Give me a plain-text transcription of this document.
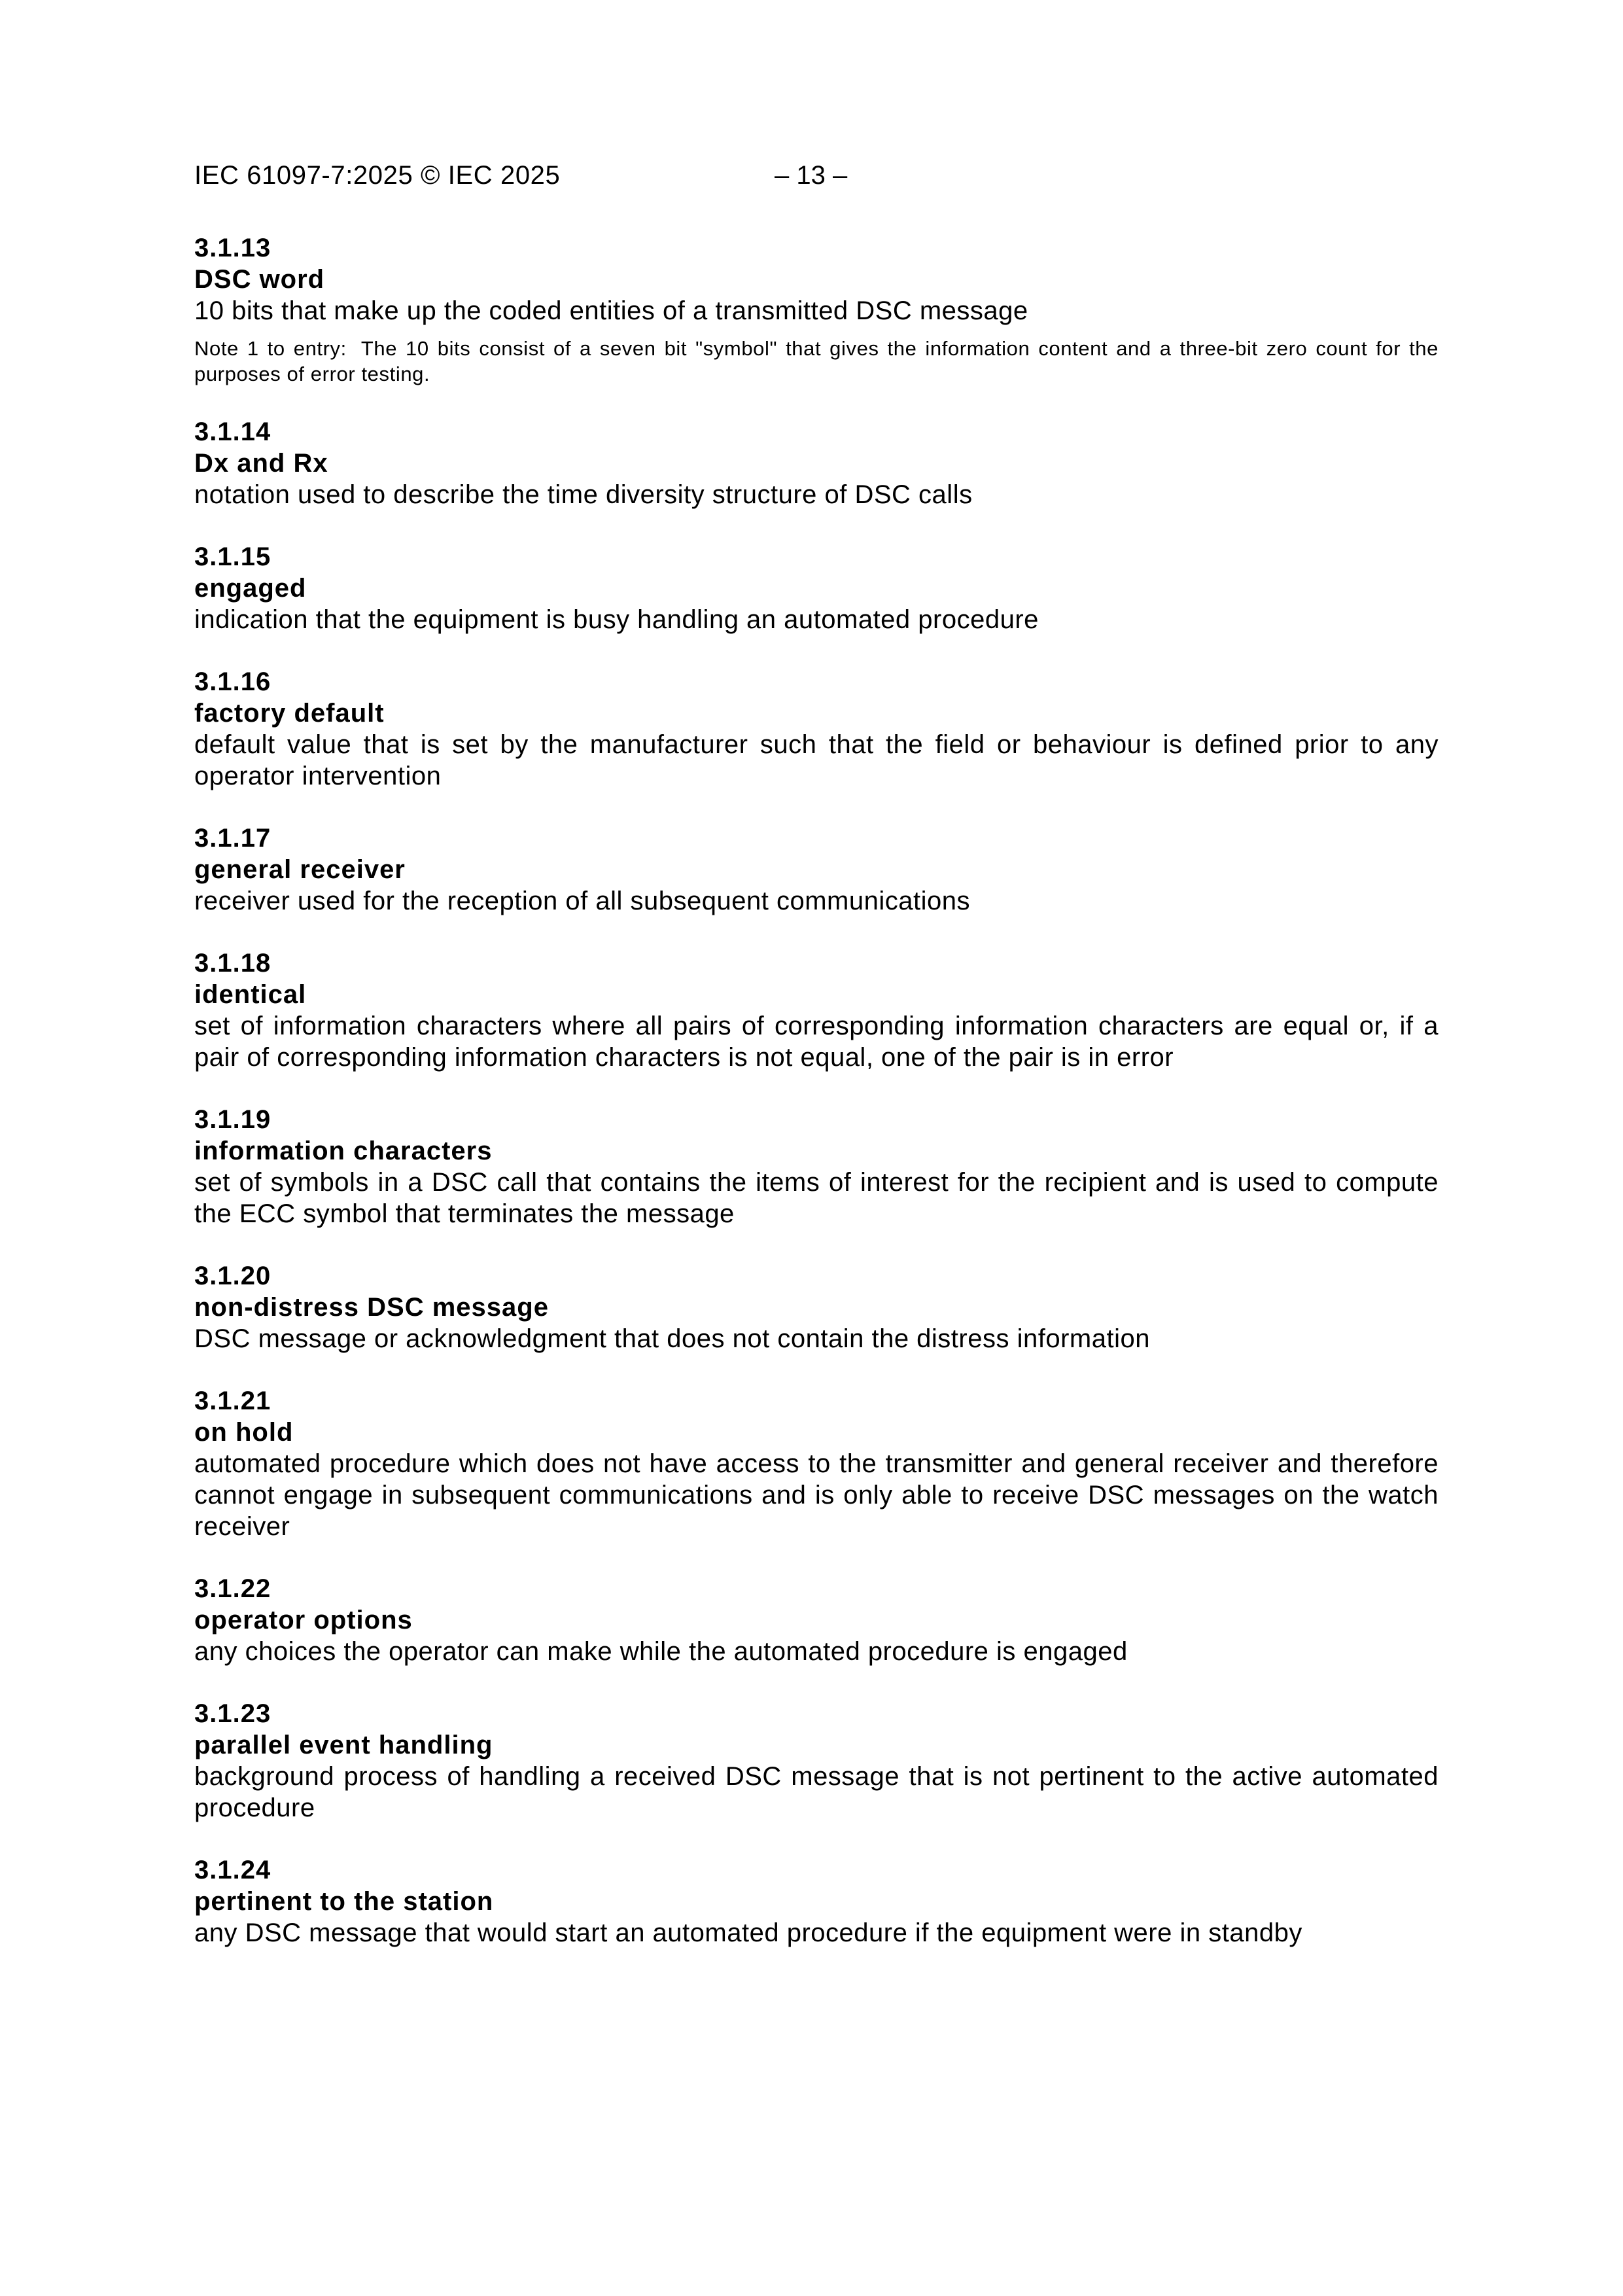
IEC 61097-7:2025 © IEC 2025	– 13 –
3.1.13
DSC word

10 bits that make up the coded entities of a transmitted DSC message

Note 1 to entry: The 10 bits consist of a seven bit "symbol" that gives the information content and a three-bit zero count for the purposes of error testing.
3.1.14
Dx and Rx

notation used to describe the time diversity structure of DSC calls

3.1.15
engaged

indication that the equipment is busy handling an automated procedure

3.1.16
factory default

default value that is set by the manufacturer such that the field or behaviour is defined prior to any operator intervention

3.1.17
general receiver

receiver used for the reception of all subsequent communications

3.1.18
identical

set of information characters where all pairs of corresponding information characters are equal or, if a pair of corresponding information characters is not equal, one of the pair is in error

3.1.19
information characters

set of symbols in a DSC call that contains the items of interest for the recipient and is used to compute the ECC symbol that terminates the message

3.1.20
non-distress DSC message

DSC message or acknowledgment that does not contain the distress information

3.1.21
on hold

automated procedure which does not have access to the transmitter and general receiver and therefore cannot engage in subsequent communications and is only able to receive DSC messages on the watch receiver

3.1.22
operator options

any choices the operator can make while the automated procedure is engaged

3.1.23
parallel event handling

background process of handling a received DSC message that is not pertinent to the active automated procedure

3.1.24
pertinent to the station

any DSC message that would start an automated procedure if the equipment were in standby
